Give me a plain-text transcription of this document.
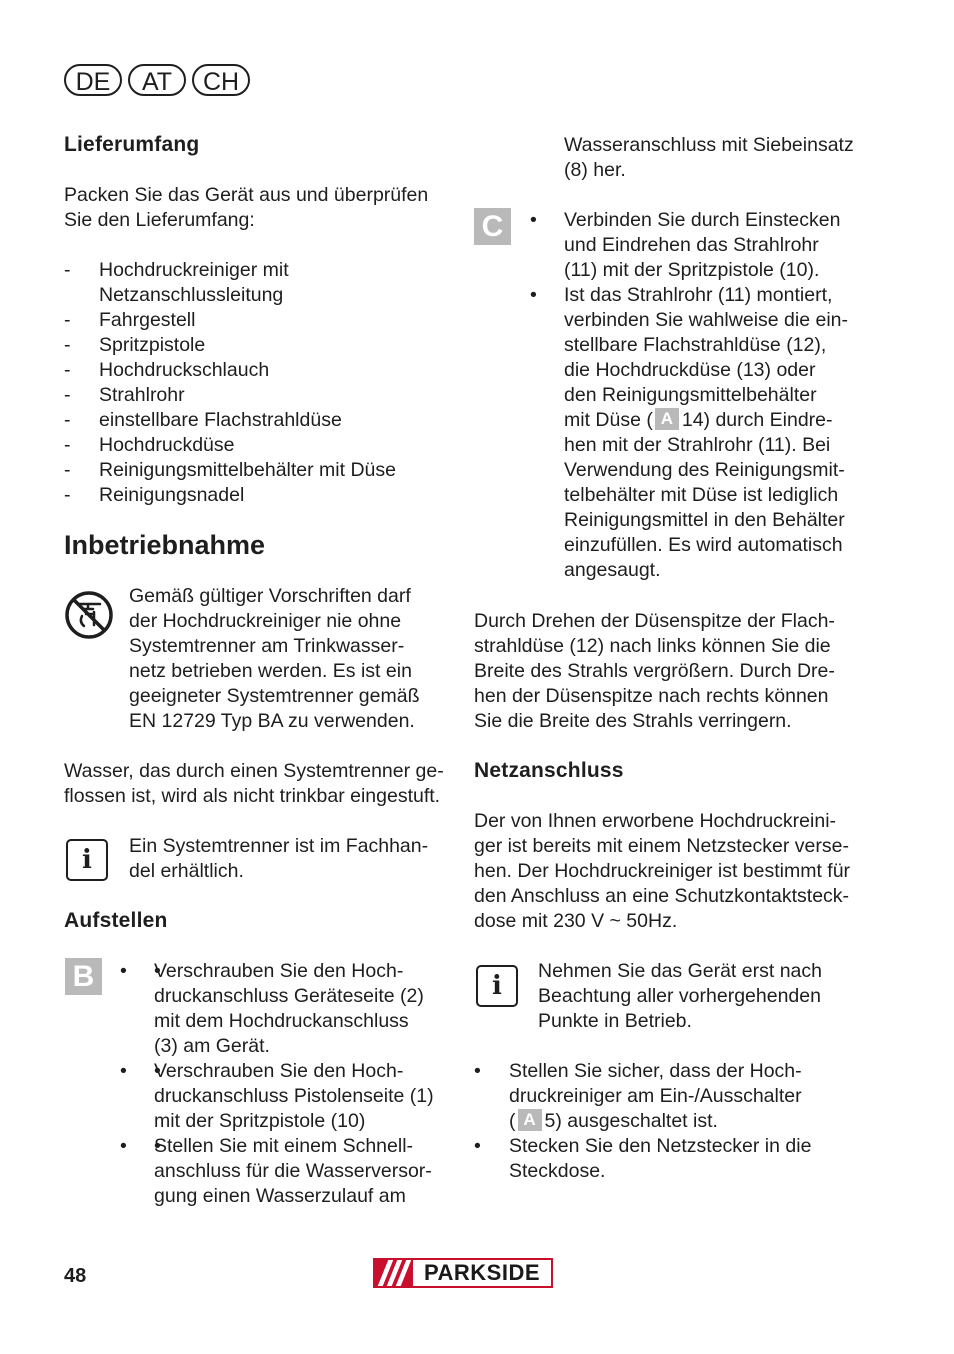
DE	AT	CH
Lieferumfang
Packen Sie das Gerät aus und überprüfen
Sie den Lieferumfang:
- Hochdruckreiniger mit
Netzanschlussleitung
- Fahrgestell
- Spritzpistole
- Hochdruckschlauch
- Strahlrohr
- einstellbare Flachstrahldüse
- Hochdruckdüse
- Reinigungsmittelbehälter mit Düse
- Reinigungsnadel
Inbetriebnahme
Gemäß gültiger Vorschriften darf
der Hochdruckreiniger nie ohne
Systemtrenner am Trinkwasser-
netz betrieben werden. Es ist ein
geeigneter Systemtrenner gemäß
EN 12729 Typ BA zu verwenden.
Wasser, das durch einen Systemtrenner ge-
flossen ist, wird als nicht trinkbar eingestuft.
i	Ein Systemtrenner ist im Fachhan-
del erhältlich.
Aufstellen
B
•	• Verschrauben Sie den Hoch-
druckanschluss Geräteseite (2)
mit dem Hochdruckanschluss
(3) am Gerät.
• • Verschrauben Sie den Hoch-
druckanschluss Pistolenseite (1)
mit der Spritzpistole (10)
• • Stellen Sie mit einem Schnell-
anschluss für die Wasserversor-
gung einen Wasserzulauf am
Wasseranschluss mit Siebeinsatz
(8) her.
C	• Verbinden Sie durch Einstecken
und Eindrehen das Strahlrohr
(11) mit der Spritzpistole (10).
• Ist das Strahlrohr (11) montiert,
verbinden Sie wahlweise die ein-
stellbare Flachstrahldüse (12),
die Hochdruckdüse (13) oder
den Reinigungsmittelbehälter
mit Düse ( A 14) durch Eindre-
hen mit der Strahlrohr (11). Bei
Verwendung des Reinigungsmit-
telbehälter mit Düse ist lediglich
Reinigungsmittel in den Behälter
einzufüllen. Es wird automatisch
angesaugt.
Durch Drehen der Düsenspitze der Flach-
strahldüse (12) nach links können Sie die
Breite des Strahls vergrößern. Durch Dre-
hen der Düsenspitze nach rechts können
Sie die Breite des Strahls verringern.
Netzanschluss
Der von Ihnen erworbene Hochdruckreini-
ger ist bereits mit einem Netzstecker verse-
hen. Der Hochdruckreiniger ist bestimmt für
den Anschluss an eine Schutzkontaktsteck-
dose mit 230 V ~ 50Hz.
i	Nehmen Sie das Gerät erst nach
Beachtung aller vorhergehenden
Punkte in Betrieb.
• Stellen Sie sicher, dass der Hoch-
druckreiniger am Ein-/Ausschalter
( A 5) ausgeschaltet ist.
• Stecken Sie den Netzstecker in die
Steckdose.
48	PARKSIDE
